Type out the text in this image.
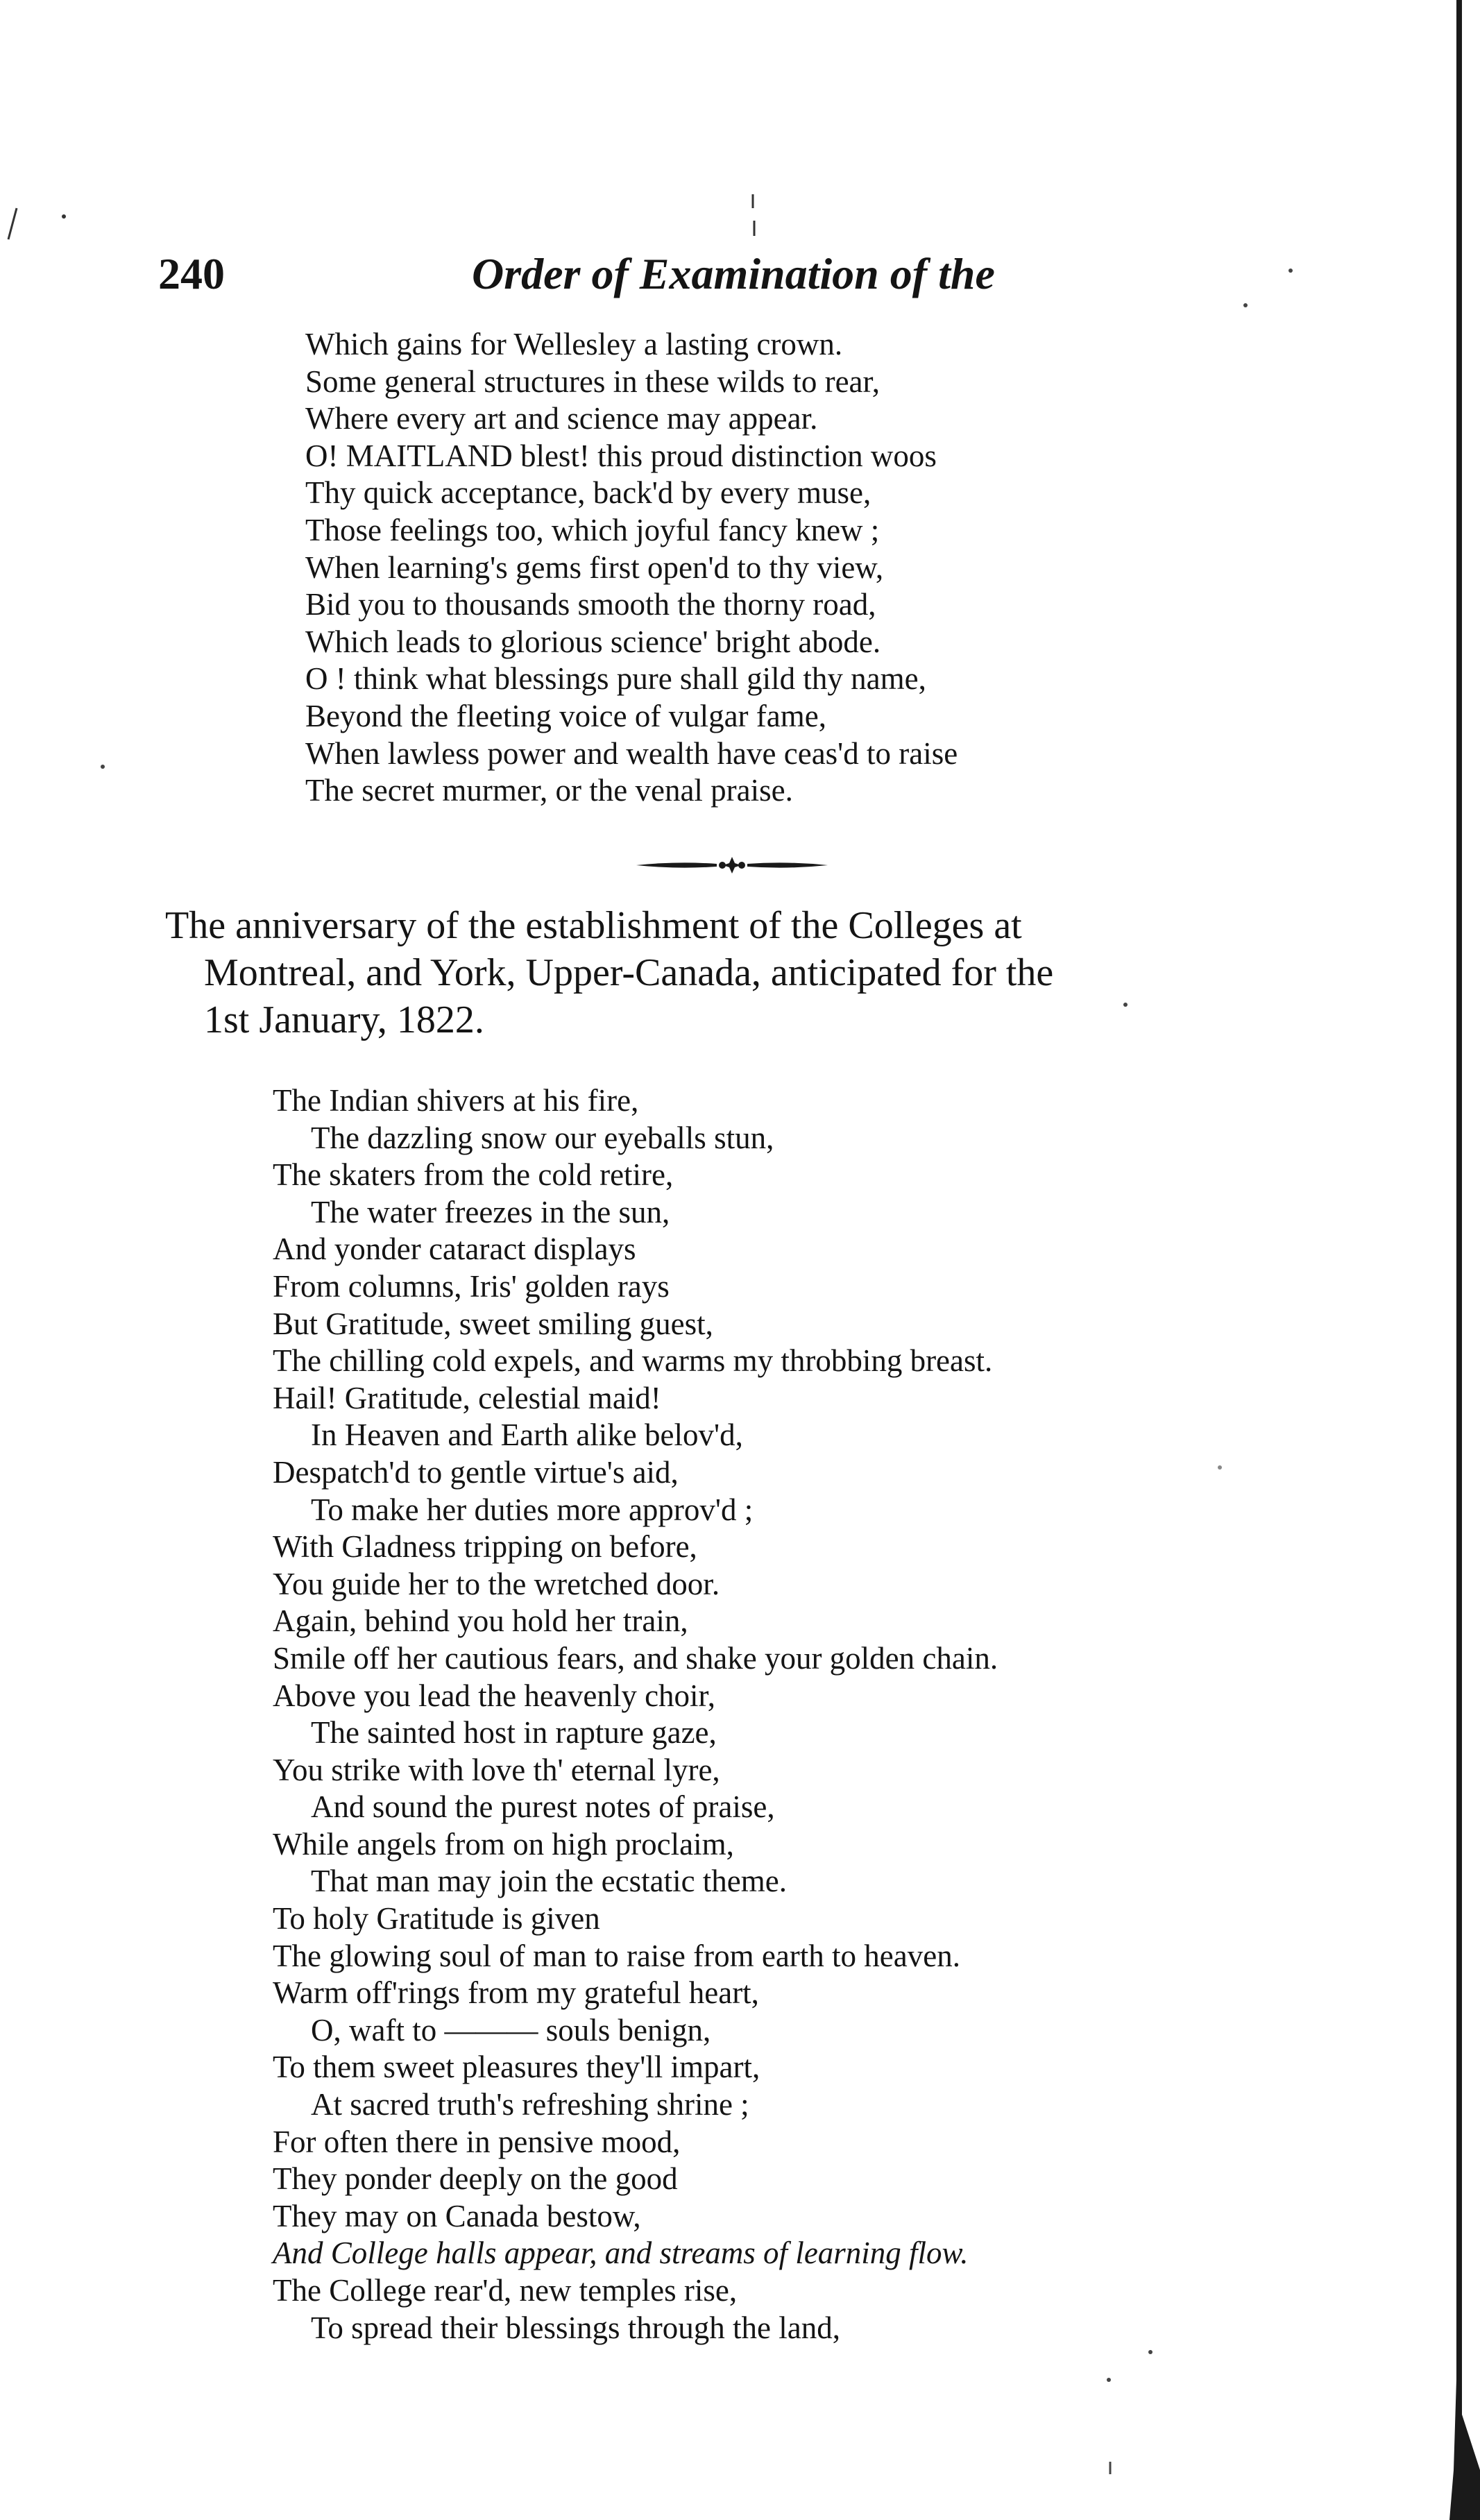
240	Order of Examination of the
Which gains for Wellesley a lasting crown.
Some general structures in these wilds to rear,
Where every art and science may appear.
O! MAITLAND blest! this proud distinction woos
Thy quick acceptance, back'd by every muse,
Those feelings too, which joyful fancy knew ;
When learning's gems first open'd to thy view,
Bid you to thousands smooth the thorny road,
Which leads to glorious science' bright abode.
O ! think what blessings pure shall gild thy name,
Beyond the fleeting voice of vulgar fame,
When lawless power and wealth have ceas'd to raise
The secret murmer, or the venal praise.
The anniversary of the establishment of the Colleges at
Montreal, and York, Upper-Canada, anticipated for the
1st January, 1822.
The Indian shivers at his fire,
The dazzling snow our eyeballs stun,
The skaters from the cold retire,
The water freezes in the sun,
And yonder cataract displays
From columns, Iris' golden rays
But Gratitude, sweet smiling guest,
The chilling cold expels, and warms my throbbing breast.
Hail! Gratitude, celestial maid!
In Heaven and Earth alike belov'd,
Despatch'd to gentle virtue's aid,
To make her duties more approv'd ;
With Gladness tripping on before,
You guide her to the wretched door.
Again, behind you hold her train,
Smile off her cautious fears, and shake your golden chain.
Above you lead the heavenly choir,
The sainted host in rapture gaze,
You strike with love th' eternal lyre,
And sound the purest notes of praise,
While angels from on high proclaim,
That man may join the ecstatic theme.
To holy Gratitude is given
The glowing soul of man to raise from earth to heaven.
Warm off'rings from my grateful heart,
O, waft to ——— souls benign,
To them sweet pleasures they'll impart,
At sacred truth's refreshing shrine ;
For often there in pensive mood,
They ponder deeply on the good
They may on Canada bestow,
And College halls appear, and streams of learning flow.
The College rear'd, new temples rise,
To spread their blessings through the land,
